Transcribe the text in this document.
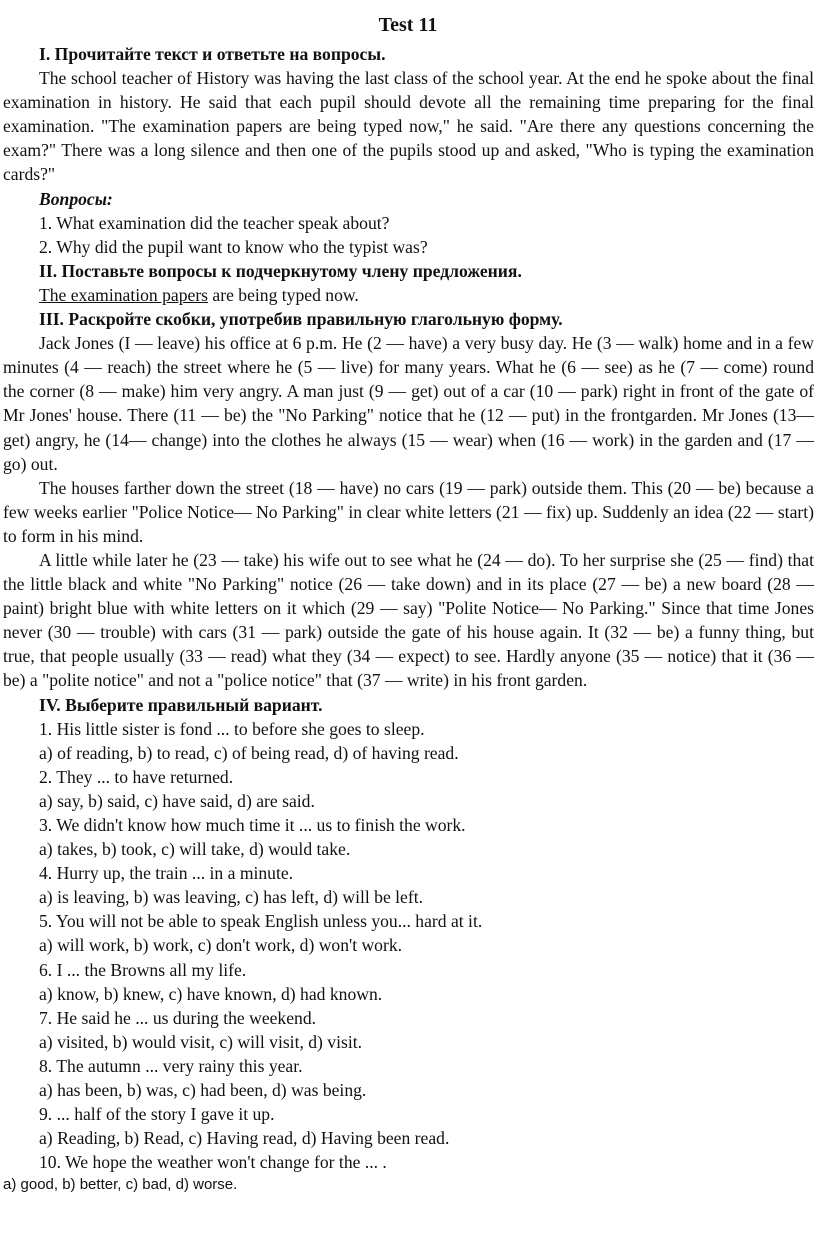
Test 11

I. Прочитайте текст и ответьте на вопросы.

The school teacher of History was having the last class of the school year. At the end he spoke about the final examination in history. He said that each pupil should devote all the remaining time preparing for the final examination. "The examination papers are being typed now," he said. "Are there any questions concerning the exam?" There was a long silence and then one of the pupils stood up and asked, "Who is typing the examination cards?"

Вопросы:

1. What examination did the teacher speak about?

2. Why did the pupil want to know who the typist was?

II. Поставьте вопросы к подчеркнутому члену предложения.

The examination papers are being typed now.

III. Раскройте скобки, употребив правильную глагольную форму.

Jack Jones (I — leave) his office at 6 p.m. He (2 — have) a very busy day. He (3 — walk) home and in a few minutes (4 — reach) the street where he (5 — live) for many years. What he (6 — see) as he (7 — come) round the corner (8 — make) him very angry. A man just (9 — get) out of a car (10 — park) right in front of the gate of Mr Jones' house. There (11 — be) the "No Parking" notice that he (12 — put) in the frontgarden. Mr Jones (13— get) angry, he (14— change) into the clothes he always (15 — wear) when (16 — work) in the garden and (17 — go) out.

The houses farther down the street (18 — have) no cars (19 — park) outside them. This (20 — be) because a few weeks earlier "Police Notice— No Parking" in clear white letters (21 — fix) up. Suddenly an idea (22 — start) to form in his mind.

A little while later he (23 — take) his wife out to see what he (24 — do). To her surprise she (25 — find) that the little black and white "No Parking" notice (26 — take down) and in its place (27 — be) a new board (28 — paint) bright blue with white letters on it which (29 — say) "Polite Notice— No Parking." Since that time Jones never (30 — trouble) with cars (31 — park) outside the gate of his house again. It (32 — be) a funny thing, but true, that people usually (33 — read) what they (34 — expect) to see. Hardly anyone (35 — notice) that it (36 — be) a "polite notice" and not a "police notice" that (37 — write) in his front garden.

IV. Выберите правильный вариант.

1. His little sister is fond ... to before she goes to sleep.

a) of reading, b) to read, c) of being read, d) of having read.

2. They ... to have returned.

a) say, b) said, c) have said, d) are said.

3. We didn't know how much time it ... us to finish the work.

a) takes, b) took, c) will take, d) would take.

4. Hurry up, the train ... in a minute.

a) is leaving, b) was leaving, c) has left, d) will be left.

5. You will not be able to speak English unless you... hard at it.

a) will work, b) work, c) don't work, d) won't work.

6. I ... the Browns all my life.

a) know, b) knew, c) have known, d) had known.

7. He said he ... us during the weekend.

a) visited, b) would visit, c) will visit, d) visit.

8. The autumn ... very rainy this year.

a) has been, b) was, c) had been, d) was being.

9. ... half of the story I gave it up.

a) Reading, b) Read, c) Having read, d) Having been read.

10. We hope the weather won't change for the ... .

a) good, b) better, c) bad, d) worse.
